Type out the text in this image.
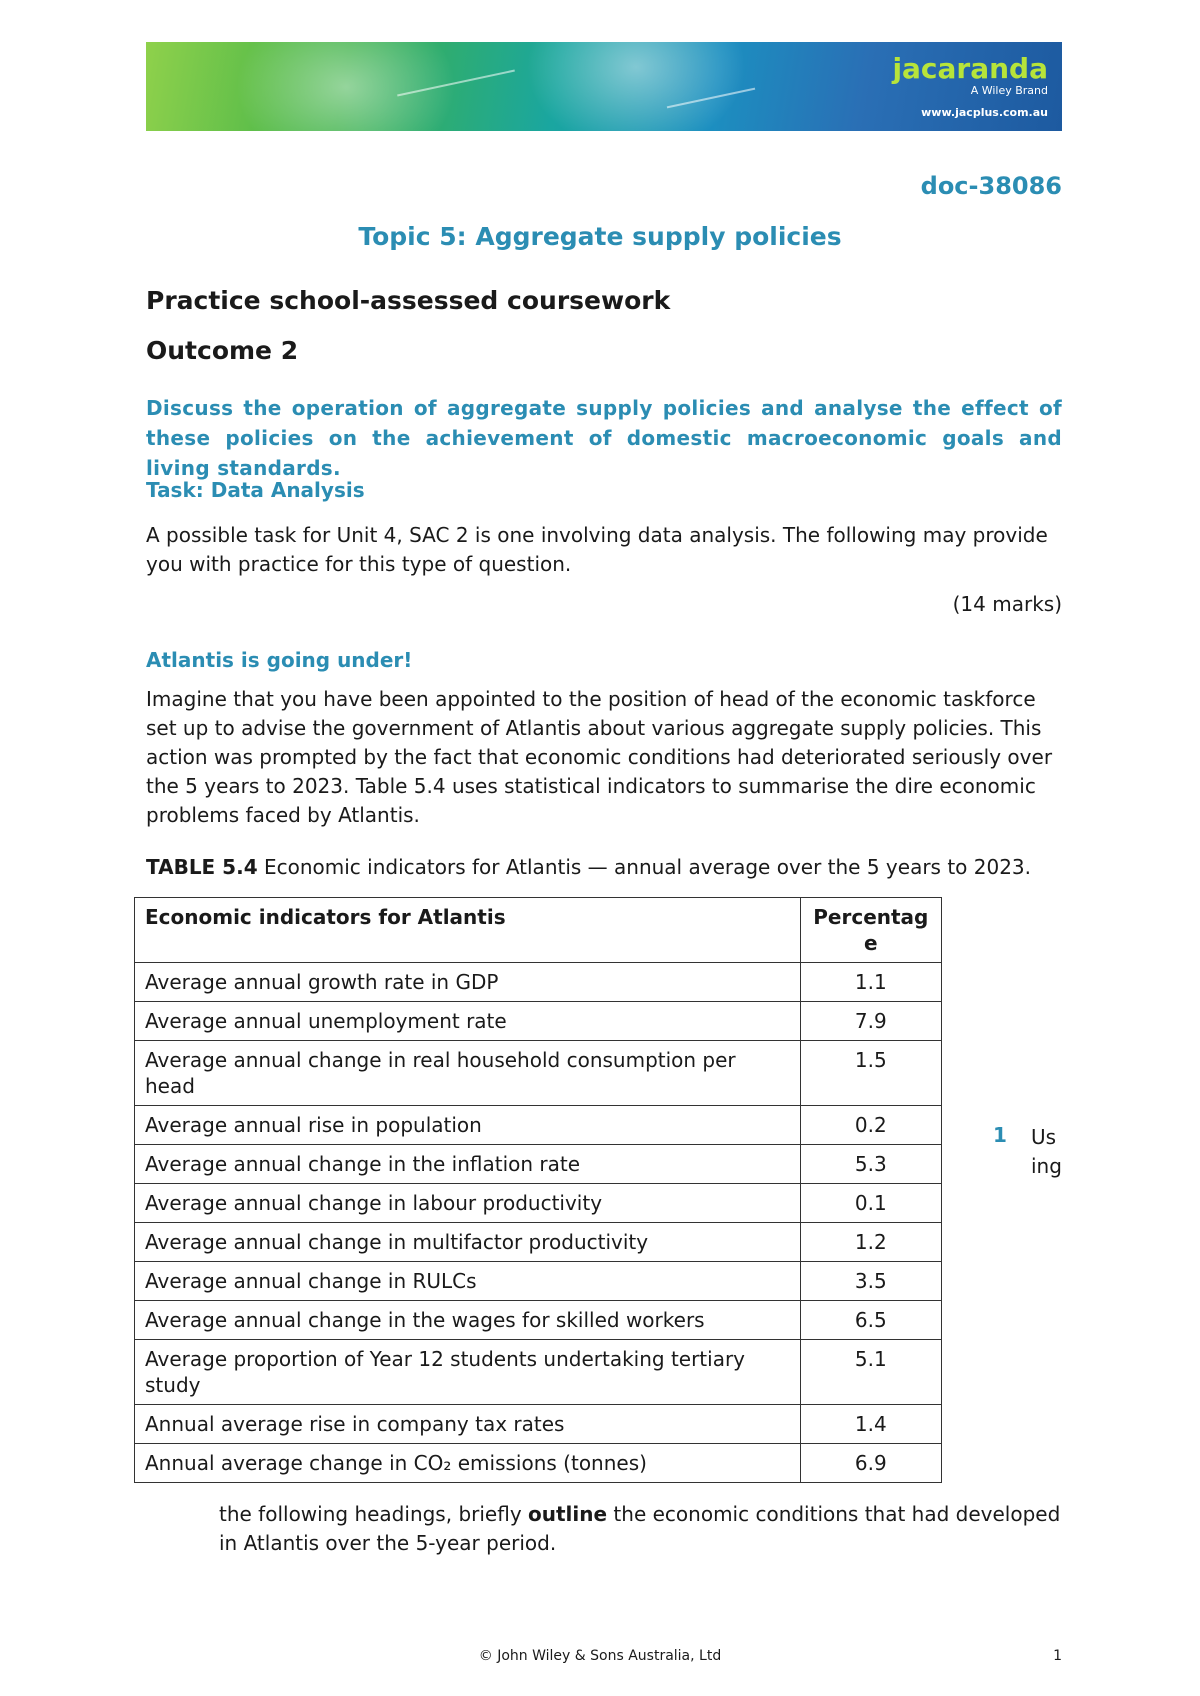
jacaranda
A Wiley Brand
www.jacplus.com.au
doc-38086
Topic 5: Aggregate supply policies
Practice school-assessed coursework
Outcome 2
Discuss the operation of aggregate supply policies and analyse the effect of these policies on the achievement of domestic macroeconomic goals and living standards.
Task: Data Analysis
A possible task for Unit 4, SAC 2 is one involving data analysis. The following may provide you with practice for this type of question.
(14 marks)
Atlantis is going under!
Imagine that you have been appointed to the position of head of the economic taskforce set up to advise the government of Atlantis about various aggregate supply policies. This action was prompted by the fact that economic conditions had deteriorated seriously over the 5 years to 2023. Table 5.4 uses statistical indicators to summarise the dire economic problems faced by Atlantis.
TABLE 5.4 Economic indicators for Atlantis — annual average over the 5 years to 2023.
Economic indicators for Atlantis	Percentag e
Average annual growth rate in GDP	1.1
Average annual unemployment rate	7.9
Average annual change in real household consumption per head	1.5
Average annual rise in population	0.2
Average annual change in the inflation rate	5.3
Average annual change in labour productivity	0.1
Average annual change in multifactor productivity	1.2
Average annual change in RULCs	3.5
Average annual change in the wages for skilled workers	6.5
Average proportion of Year 12 students undertaking tertiary study	5.1
Annual average rise in company tax rates	1.4
Annual average change in CO₂ emissions (tonnes)	6.9
1 Us ing
the following headings, briefly outline the economic conditions that had developed in Atlantis over the 5-year period.
© John Wiley & Sons Australia, Ltd	1
